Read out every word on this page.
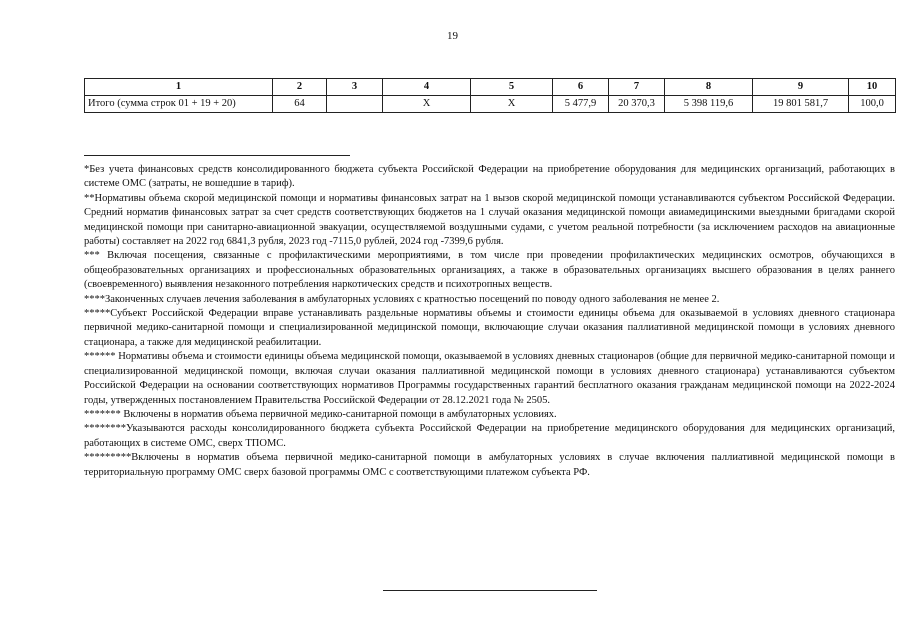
19
1	2	3	4	5	6	7	8	9	10
Итого (сумма строк 01 + 19 + 20)	64		X	X	5 477,9	20 370,3	5 398 119,6	19 801 581,7	100,0

*Без учета финансовых средств консолидированного бюджета субъекта Российской Федерации на приобретение оборудования для медицинских организаций, работающих в системе ОМС (затраты, не вошедшие в тариф).

**Нормативы объема скорой медицинской помощи и нормативы финансовых затрат на 1 вызов скорой медицинской помощи устанавливаются субъектом Российской Федерации. Средний норматив финансовых затрат за счет средств соответствующих бюджетов на 1 случай оказания медицинской помощи авиамедицинскими выездными бригадами скорой медицинской помощи при санитарно-авиационной эвакуации, осуществляемой воздушными судами, с учетом реальной потребности (за исключением расходов на авиационные работы) составляет на 2022 год 6841,3 рубля, 2023 год -7115,0 рублей, 2024 год -7399,6 рубля.

*** Включая посещения, связанные с профилактическими мероприятиями, в том числе при проведении профилактических медицинских осмотров, обучающихся в общеобразовательных организациях и профессиональных образовательных организациях, а также в образовательных организациях высшего образования в целях раннего (своевременного) выявления незаконного потребления наркотических средств и психотропных веществ.

****Законченных случаев лечения заболевания в амбулаторных условиях с кратностью посещений по поводу одного заболевания не менее 2.

*****Субъект Российской Федерации вправе устанавливать раздельные нормативы объемы и стоимости единицы объема для оказываемой в условиях дневного стационара первичной медико-санитарной помощи и специализированной медицинской помощи, включающие случаи оказания паллиативной медицинской помощи в условиях дневного стационара, а также для медицинской реабилитации.

****** Нормативы объема и стоимости единицы объема медицинской помощи, оказываемой в условиях дневных стационаров (общие для первичной медико-санитарной помощи и специализированной медицинской помощи, включая случаи оказания паллиативной медицинской помощи в условиях дневного стационара) устанавливаются субъектом Российской Федерации на основании соответствующих нормативов Программы государственных гарантий бесплатного оказания гражданам медицинской помощи на 2022-2024 годы, утвержденных постановлением Правительства Российской Федерации от 28.12.2021 года № 2505.

******* Включены в норматив объема первичной медико-санитарной помощи в амбулаторных условиях.

********Указываются расходы консолидированного бюджета субъекта Российской Федерации на приобретение медицинского оборудования для медицинских организаций, работающих в системе ОМС, сверх ТПОМС.

*********Включены в норматив объема первичной медико-санитарной помощи в амбулаторных условиях в случае включения паллиативной медицинской помощи в территориальную программу ОМС сверх базовой программы ОМС с соответствующими платежом субъекта РФ.
